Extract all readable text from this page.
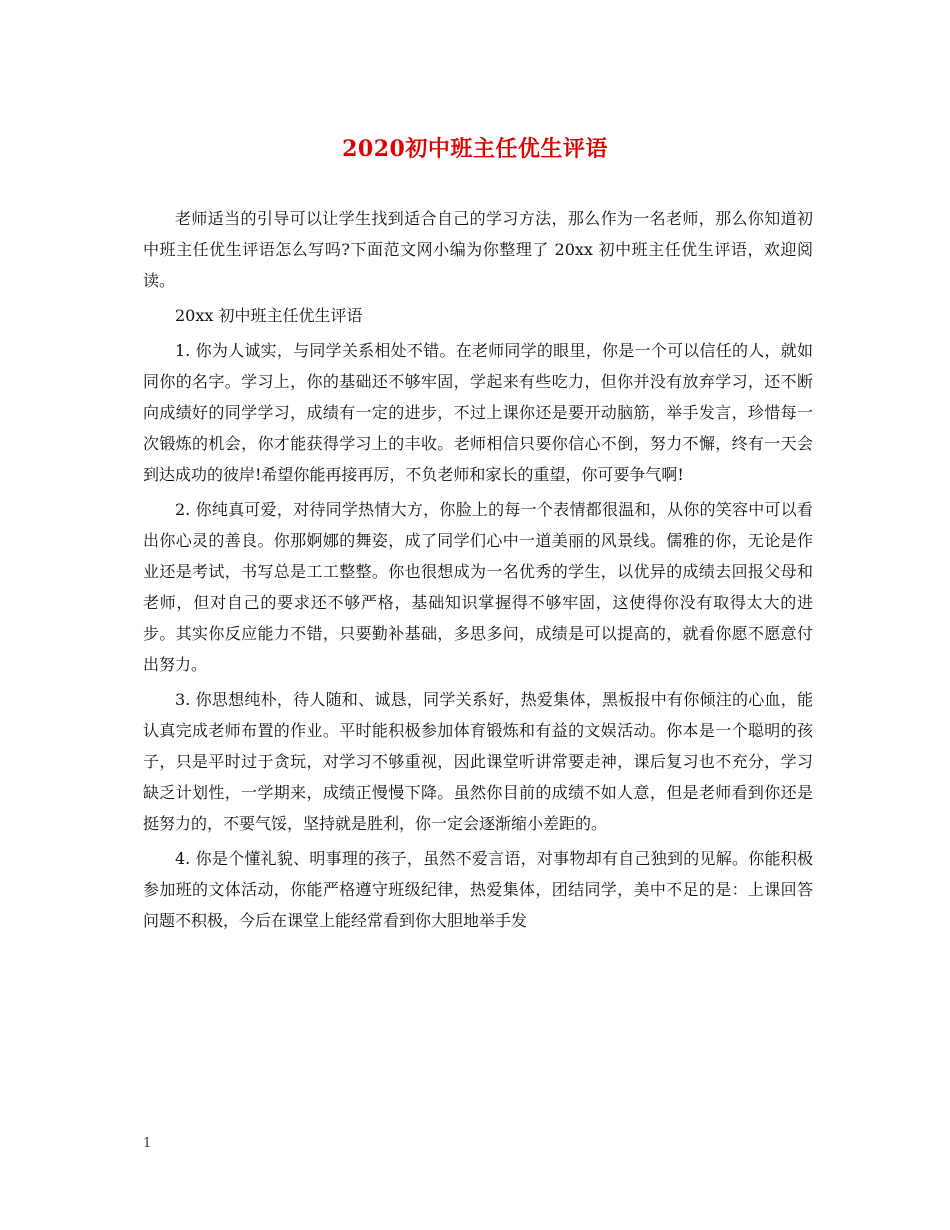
2020初中班主任优生评语

老师适当的引导可以让学生找到适合自己的学习方法，那么作为一名老师，那么你知道初中班主任优生评语怎么写吗?下面范文网小编为你整理了 20xx 初中班主任优生评语，欢迎阅读。

20xx 初中班主任优生评语

1. 你为人诚实，与同学关系相处不错。在老师同学的眼里，你是一个可以信任的人，就如同你的名字。学习上，你的基础还不够牢固，学起来有些吃力，但你并没有放弃学习，还不断向成绩好的同学学习，成绩有一定的进步，不过上课你还是要开动脑筋，举手发言，珍惜每一次锻炼的机会，你才能获得学习上的丰收。老师相信只要你信心不倒，努力不懈，终有一天会到达成功的彼岸!希望你能再接再厉，不负老师和家长的重望，你可要争气啊!

2. 你纯真可爱，对待同学热情大方，你脸上的每一个表情都很温和，从你的笑容中可以看出你心灵的善良。你那婀娜的舞姿，成了同学们心中一道美丽的风景线。儒雅的你，无论是作业还是考试，书写总是工工整整。你也很想成为一名优秀的学生，以优异的成绩去回报父母和老师，但对自己的要求还不够严格，基础知识掌握得不够牢固，这使得你没有取得太大的进步。其实你反应能力不错，只要勤补基础，多思多问，成绩是可以提高的，就看你愿不愿意付出努力。

3. 你思想纯朴，待人随和、诚恳，同学关系好，热爱集体，黑板报中有你倾注的心血，能认真完成老师布置的作业。平时能积极参加体育锻炼和有益的文娱活动。你本是一个聪明的孩子，只是平时过于贪玩，对学习不够重视，因此课堂听讲常要走神，课后复习也不充分，学习缺乏计划性，一学期来，成绩正慢慢下降。虽然你目前的成绩不如人意，但是老师看到你还是挺努力的，不要气馁，坚持就是胜利，你一定会逐渐缩小差距的。

4. 你是个懂礼貌、明事理的孩子，虽然不爱言语，对事物却有自己独到的见解。你能积极参加班的文体活动，你能严格遵守班级纪律，热爱集体，团结同学，美中不足的是：上课回答问题不积极，今后在课堂上能经常看到你大胆地举手发

1
